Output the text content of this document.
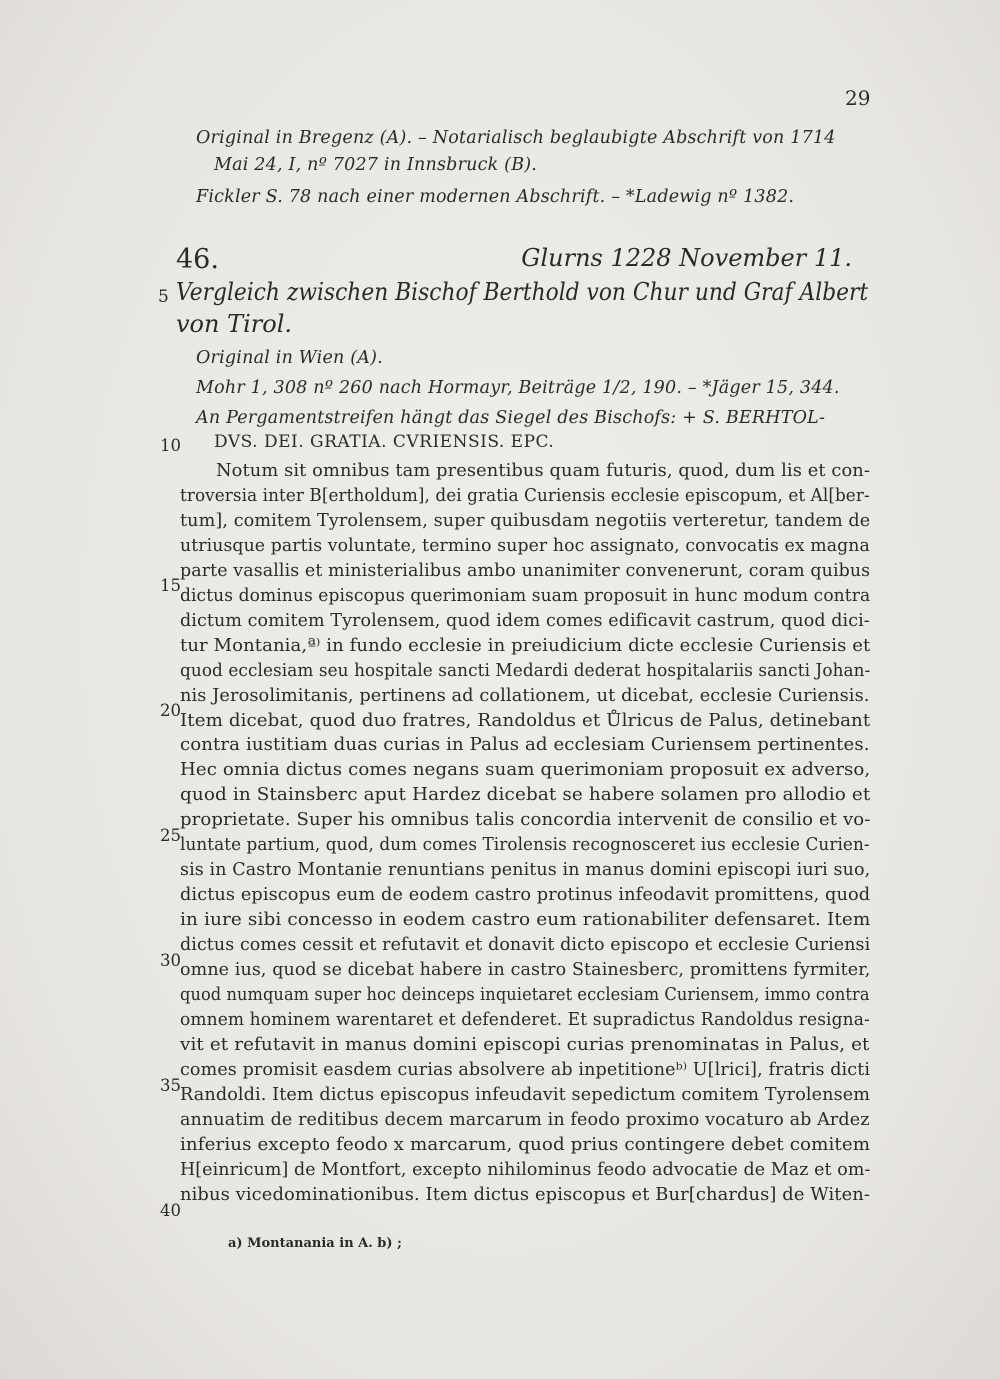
29
Original in Bregenz (A). – Notarialisch beglaubigte Abschrift von 1714
Mai 24, I, nº 7027 in Innsbruck (B).
Fickler S. 78 nach einer modernen Abschrift. – *Ladewig nº 1382.
46.	Glurns 1228 November 11.
5 Vergleich zwischen Bischof Berthold von Chur und Graf Albert
von Tirol.
Original in Wien (A).
Mohr 1, 308 nº 260 nach Hormayr, Beiträge 1/2, 190. – *Jäger 15, 344.
An Pergamentstreifen hängt das Siegel des Bischofs: + S. BERHTOL-
10 DVS. DEI. GRATIA. CVRIENSIS. EPC.
Notum sit omnibus tam presentibus quam futuris, quod, dum lis et con-
troversia inter B[ertholdum], dei gratia Curiensis ecclesie episcopum, et Al[ber-
tum], comitem Tyrolensem, super quibusdam negotiis verteretur, tandem de
utriusque partis voluntate, termino super hoc assignato, convocatis ex magna
parte vasallis et ministerialibus ambo unanimiter convenerunt, coram quibus
dictus dominus episcopus querimoniam suam proposuit in hunc modum contra
dictum comitem Tyrolensem, quod idem comes edificavit castrum, quod dici-
tur Montania,ª⁾ in fundo ecclesie in preiudicium dicte ecclesie Curiensis et
quod ecclesiam seu hospitale sancti Medardi dederat hospitalariis sancti Johan-
nis Jerosolimitanis, pertinens ad collationem, ut dicebat, ecclesie Curiensis.
Item dicebat, quod duo fratres, Randoldus et Ůlricus de Palus, detinebant
contra iustitiam duas curias in Palus ad ecclesiam Curiensem pertinentes.
Hec omnia dictus comes negans suam querimoniam proposuit ex adverso,
quod in Stainsberc aput Hardez dicebat se habere solamen pro allodio et
proprietate. Super his omnibus talis concordia intervenit de consilio et vo-
luntate partium, quod, dum comes Tirolensis recognosceret ius ecclesie Curien-
sis in Castro Montanie renuntians penitus in manus domini episcopi iuri suo,
dictus episcopus eum de eodem castro protinus infeodavit promittens, quod
in iure sibi concesso in eodem castro eum rationabiliter defensaret. Item
dictus comes cessit et refutavit et donavit dicto episcopo et ecclesie Curiensi
omne ius, quod se dicebat habere in castro Stainesberc, promittens fyrmiter,
quod numquam super hoc deinceps inquietaret ecclesiam Curiensem, immo contra
omnem hominem warentaret et defenderet. Et supradictus Randoldus resigna-
vit et refutavit in manus domini episcopi curias prenominatas in Palus, et
comes promisit easdem curias absolvere ab inpetitioneᵇ⁾ U[lrici], fratris dicti
Randoldi. Item dictus episcopus infeudavit sepedictum comitem Tyrolensem
annuatim de reditibus decem marcarum in feodo proximo vocaturo ab Ardez
inferius excepto feodo x marcarum, quod prius contingere debet comitem
H[einricum] de Montfort, excepto nihilominus feodo advocatie de Maz et om-
nibus vicedominationibus. Item dictus episcopus et Bur[chardus] de Witen-
15
20
25
30
35
40
a) Montanania in A. b) ;
